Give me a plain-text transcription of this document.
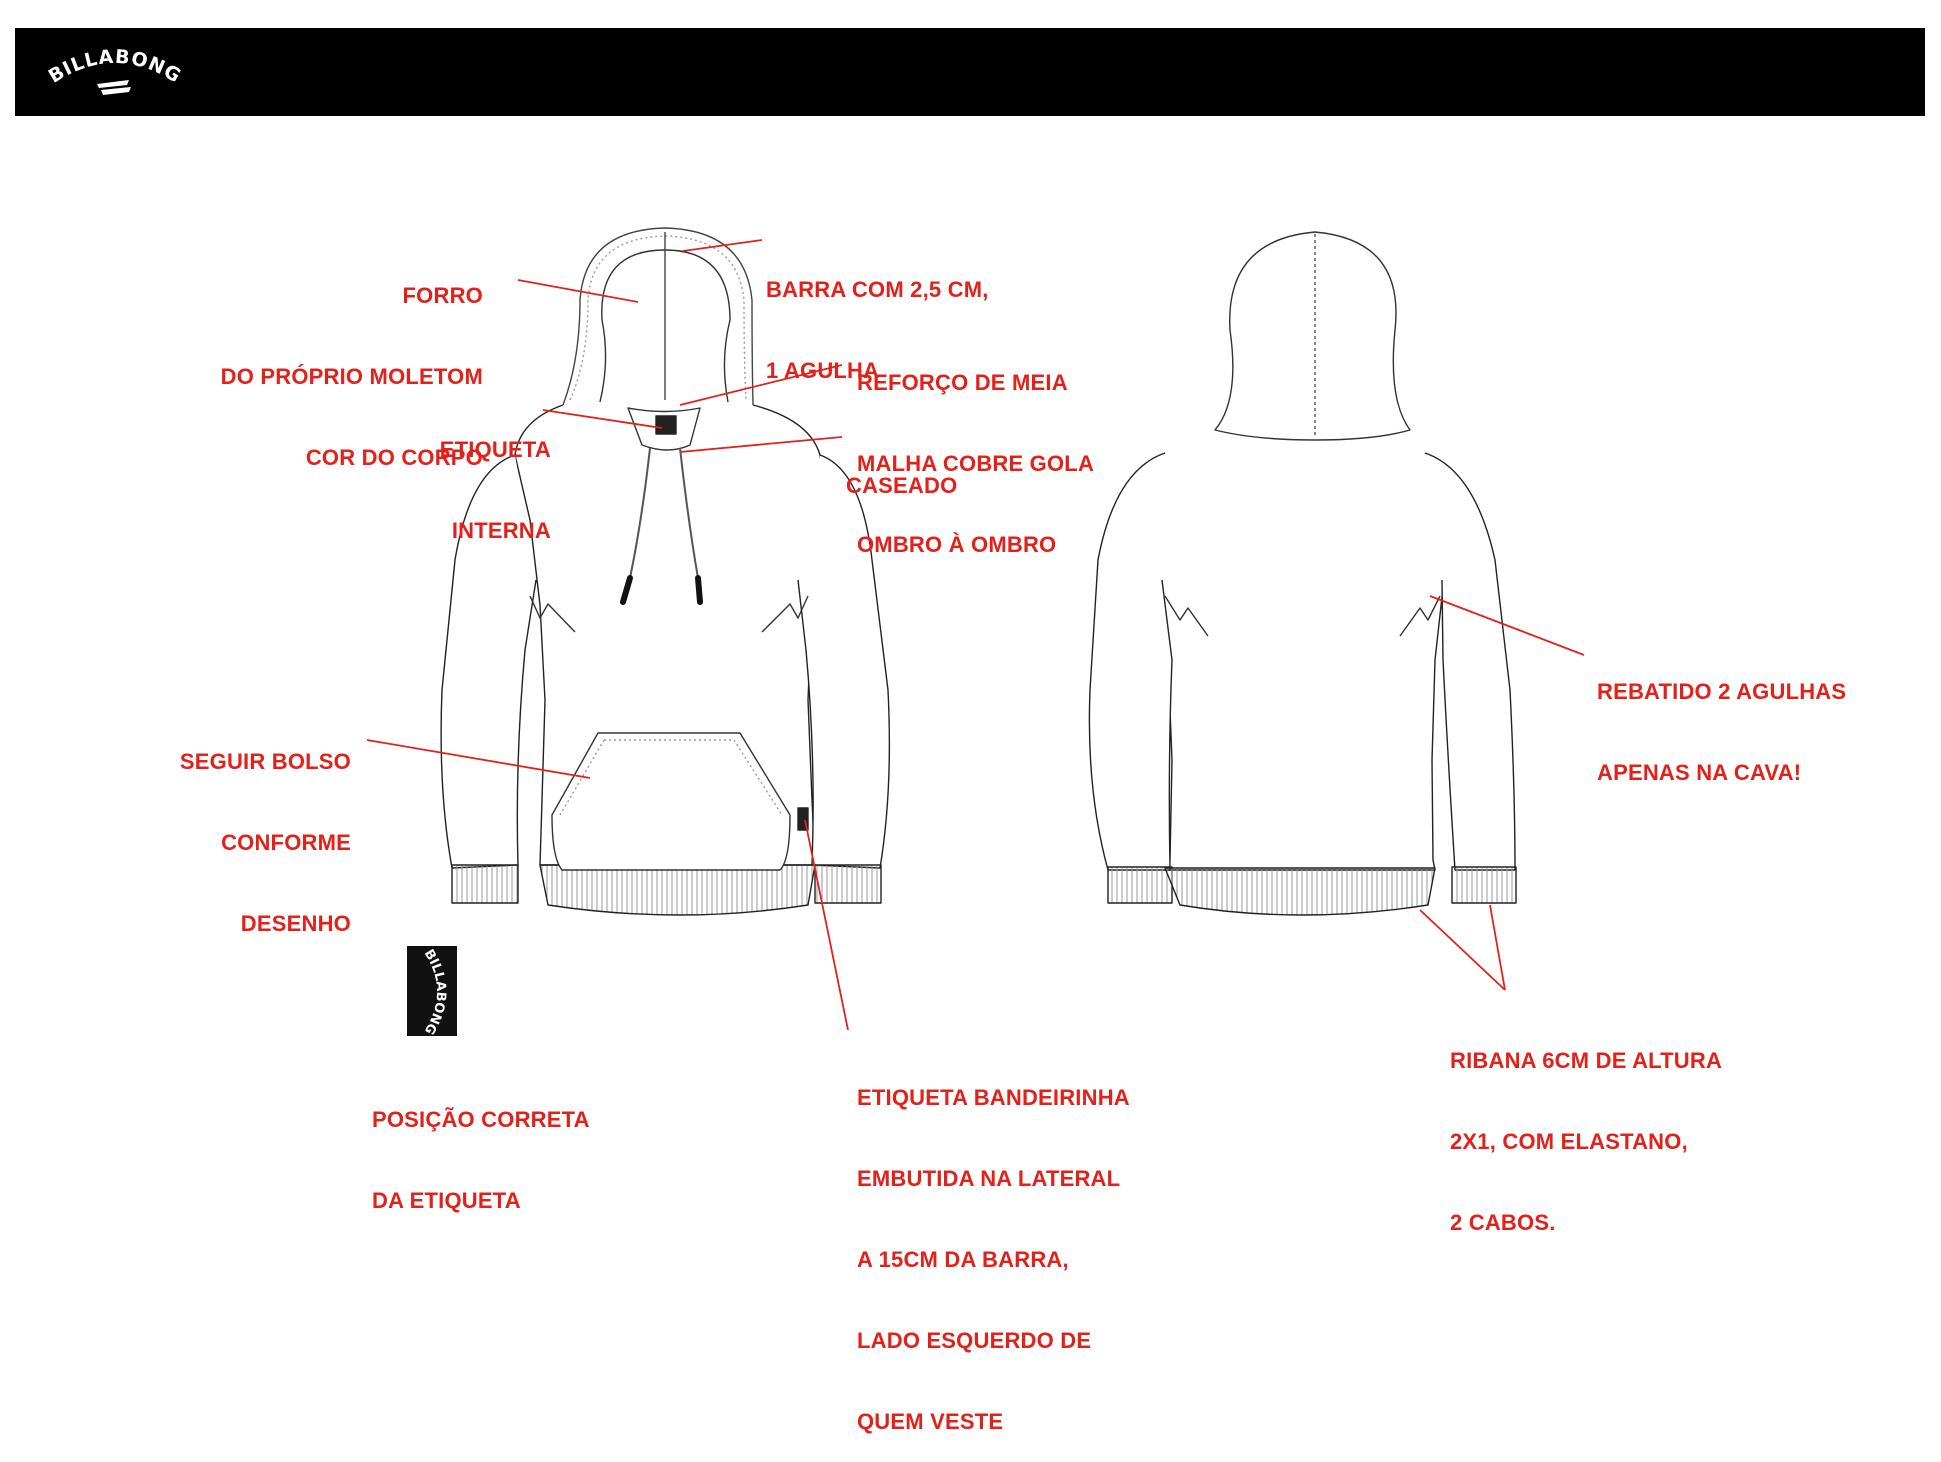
BILLABONG
BILLABONG

FORRO

DO PRÓPRIO MOLETOM

COR DO CORPO

BARRA COM 2,5 CM,

1 AGULHA

REFORÇO DE MEIA

MALHA COBRE GOLA

OMBRO À OMBRO

ETIQUETA

INTERNA

CASEADO

SEGUIR BOLSO

CONFORME

DESENHO

POSIÇÃO CORRETA

DA ETIQUETA

ETIQUETA BANDEIRINHA

EMBUTIDA NA LATERAL

A 15CM DA BARRA,

LADO ESQUERDO DE

QUEM VESTE

REBATIDO 2 AGULHAS

APENAS NA CAVA!

RIBANA 6CM DE ALTURA

2X1, COM ELASTANO,

2 CABOS.
